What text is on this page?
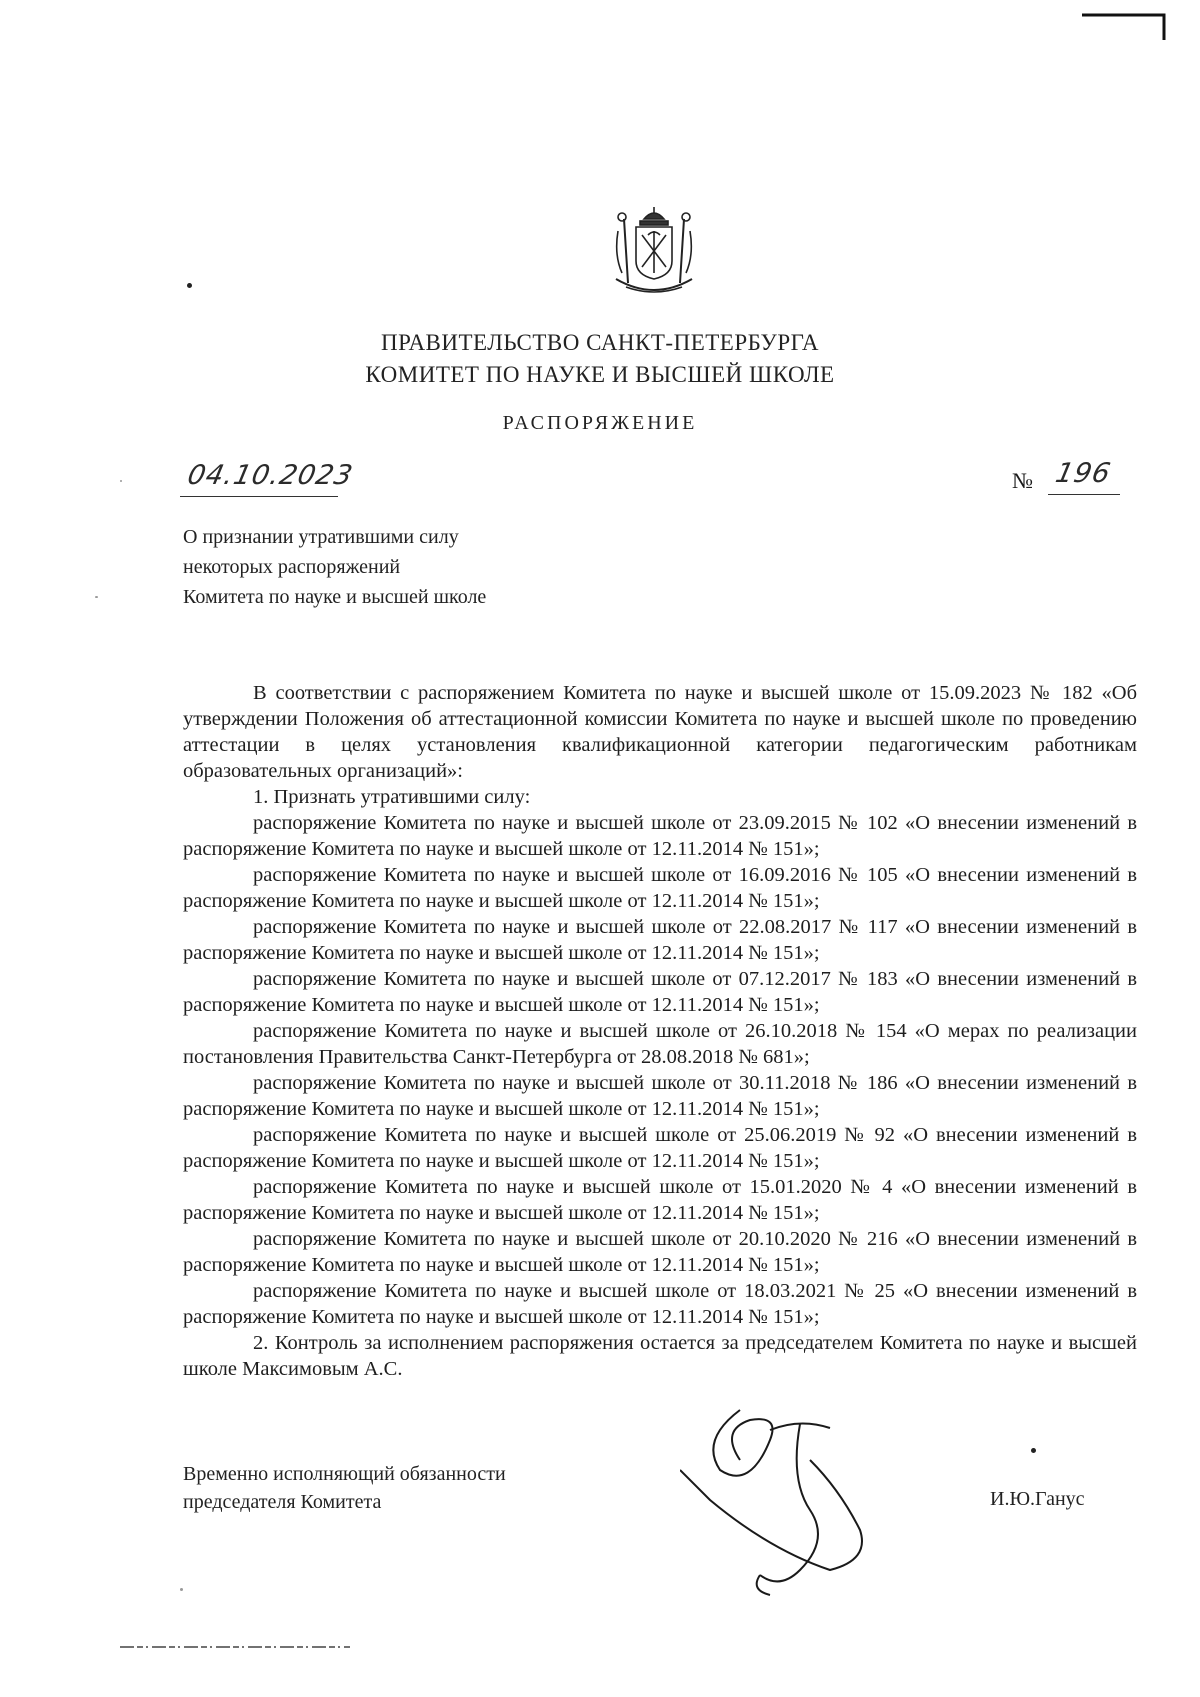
ПРАВИТЕЛЬСТВО САНКТ-ПЕТЕРБУРГА
КОМИТЕТ ПО НАУКЕ И ВЫСШЕЙ ШКОЛЕ
РАСПОРЯЖЕНИЕ
04.10.2023	№ 196
О признании утратившими силу
некоторых распоряжений
Комитета по науке и высшей школе

В соответствии с распоряжением Комитета по науке и высшей школе от 15.09.2023 № 182 «Об утверждении Положения об аттестационной комиссии Комитета по науке и высшей школе по проведению аттестации в целях установления квалификационной категории педагогическим работникам образовательных организаций»:

1. Признать утратившими силу:

распоряжение Комитета по науке и высшей школе от 23.09.2015 № 102 «О внесении изменений в распоряжение Комитета по науке и высшей школе от 12.11.2014 № 151»;

распоряжение Комитета по науке и высшей школе от 16.09.2016 № 105 «О внесении изменений в распоряжение Комитета по науке и высшей школе от 12.11.2014 № 151»;

распоряжение Комитета по науке и высшей школе от 22.08.2017 № 117 «О внесении изменений в распоряжение Комитета по науке и высшей школе от 12.11.2014 № 151»;

распоряжение Комитета по науке и высшей школе от 07.12.2017 № 183 «О внесении изменений в распоряжение Комитета по науке и высшей школе от 12.11.2014 № 151»;

распоряжение Комитета по науке и высшей школе от 26.10.2018 № 154 «О мерах по реализации постановления Правительства Санкт-Петербурга от 28.08.2018 № 681»;

распоряжение Комитета по науке и высшей школе от 30.11.2018 № 186 «О внесении изменений в распоряжение Комитета по науке и высшей школе от 12.11.2014 № 151»;

распоряжение Комитета по науке и высшей школе от 25.06.2019 № 92 «О внесении изменений в распоряжение Комитета по науке и высшей школе от 12.11.2014 № 151»;

распоряжение Комитета по науке и высшей школе от 15.01.2020 № 4 «О внесении изменений в распоряжение Комитета по науке и высшей школе от 12.11.2014 № 151»;

распоряжение Комитета по науке и высшей школе от 20.10.2020 № 216 «О внесении изменений в распоряжение Комитета по науке и высшей школе от 12.11.2014 № 151»;

распоряжение Комитета по науке и высшей школе от 18.03.2021 № 25 «О внесении изменений в распоряжение Комитета по науке и высшей школе от 12.11.2014 № 151»;

2. Контроль за исполнением распоряжения остается за председателем Комитета по науке и высшей школе Максимовым А.С.

Временно исполняющий обязанности
председателя Комитета	И.Ю.Ганус
